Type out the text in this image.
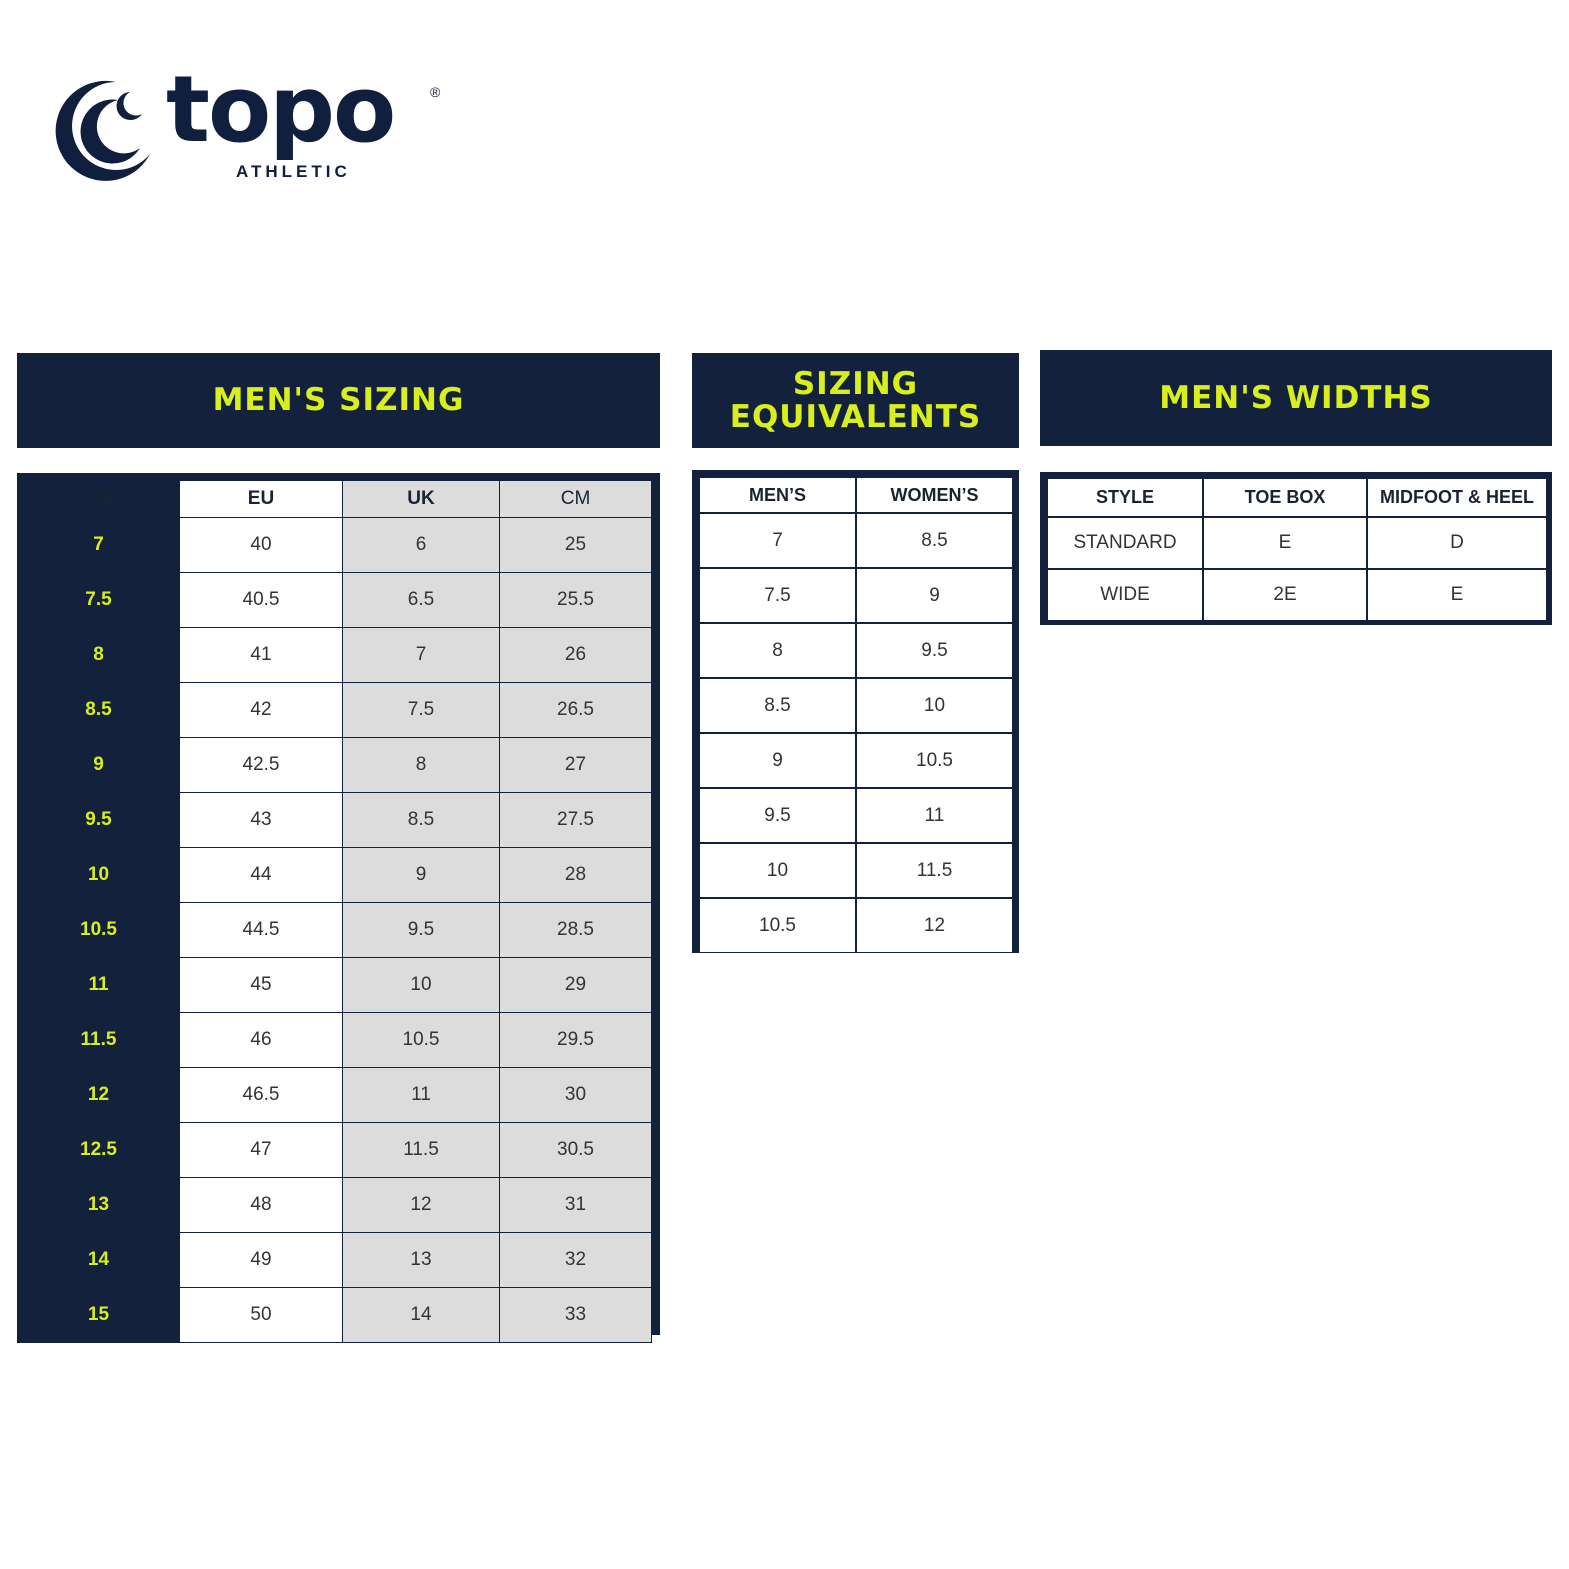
topo	®
ATHLETIC
MEN'S SIZING	SIZING
EQUIVALENTS
MEN'S WIDTHS
US	EU	UK	CM
7	40	6	25
7.5	40.5	6.5	25.5
8	41	7	26
8.5	42	7.5	26.5
9	42.5	8	27
9.5	43	8.5	27.5
10	44	9	28
10.5	44.5	9.5	28.5
11	45	10	29
11.5	46	10.5	29.5
12	46.5	11	30
12.5	47	11.5	30.5
13	48	12	31
14	49	13	32
15	50	14	33
MEN’S	WOMEN’S
7	8.5
7.5	9
8	9.5
8.5	10
9	10.5
9.5	11
10	11.5
10.5	12
STYLE	TOE BOX	MIDFOOT & HEEL
STANDARD	E	D
WIDE	2E	E
